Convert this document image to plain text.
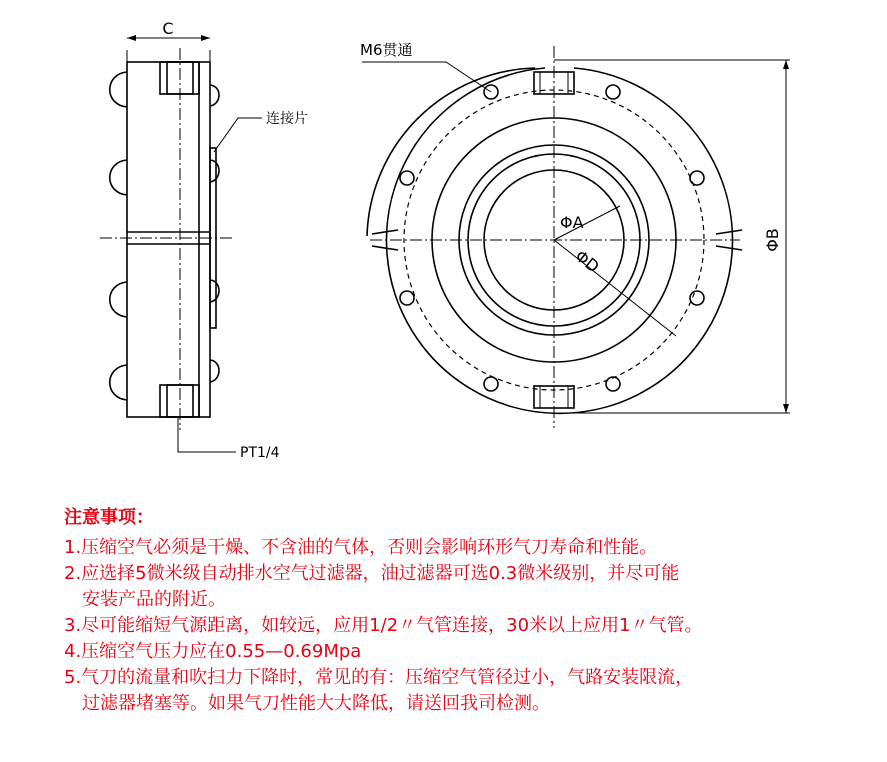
C
连接片
PT1/4
ΦA
ΦD
M6贯通
ΦB
注意事项：
1.压缩空气必须是干燥、不含油的气体，否则会影响环形气刀寿命和性能。
2.应选择5微米级自动排水空气过滤器，油过滤器可选0.3微米级别，并尽可能
安装产品的附近。
3.尽可能缩短气源距离，如较远，应用1/2〃气管连接，30米以上应用1〃气管。
4.压缩空气压力应在0.55—0.69Mpa
5.气刀的流量和吹扫力下降时，常见的有：压缩空气管径过小，气路安装限流，
过滤器堵塞等。如果气刀性能大大降低，请送回我司检测。
